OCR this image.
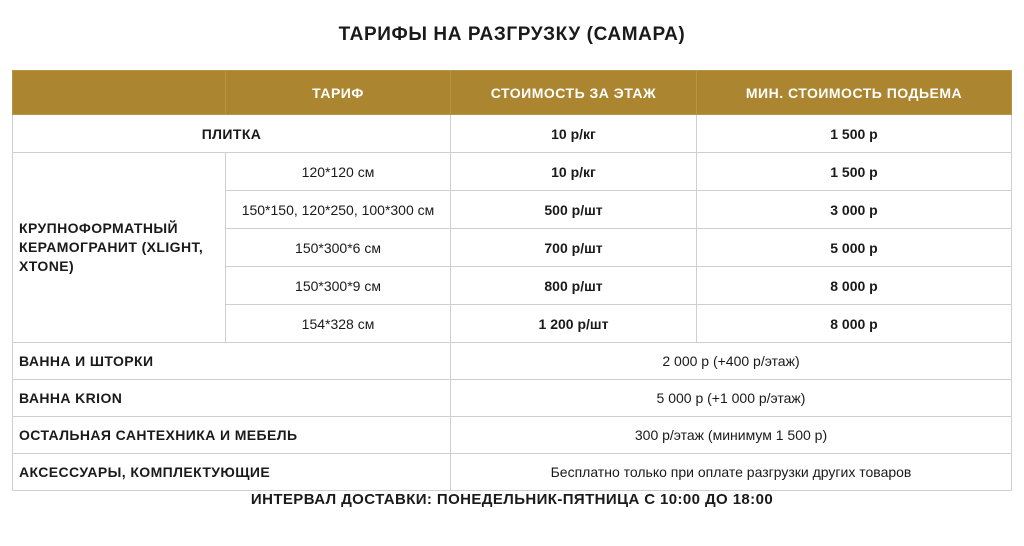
ТАРИФЫ НА РАЗГРУЗКУ (САМАРА)
	ТАРИФ	СТОИМОСТЬ ЗА ЭТАЖ	МИН. СТОИМОСТЬ ПОДЬЕМА
ПЛИТКА		10 р/кг	1 500 р
КРУПНОФОРМАТНЫЙ КЕРАМОГРАНИТ (XLIGHT, XTONE)	120*120 см	10 р/кг	1 500 р
	150*150, 120*250, 100*300 см	500 р/шт	3 000 р
	150*300*6 см	700 р/шт	5 000 р
	150*300*9 см	800 р/шт	8 000 р
	154*328 см	1 200 р/шт	8 000 р
ВАННА И ШТОРКИ		2 000 р (+400 р/этаж)	
ВАННА KRION		5 000 р (+1 000 р/этаж)	
ОСТАЛЬНАЯ САНТЕХНИКА И МЕБЕЛЬ		300 р/этаж (минимум 1 500 р)	
АКСЕССУАРЫ, КОМПЛЕКТУЮЩИЕ		Бесплатно только при оплате разгрузки других товаров	
ИНТЕРВАЛ ДОСТАВКИ: ПОНЕДЕЛЬНИК-ПЯТНИЦА С 10:00 ДО 18:00
